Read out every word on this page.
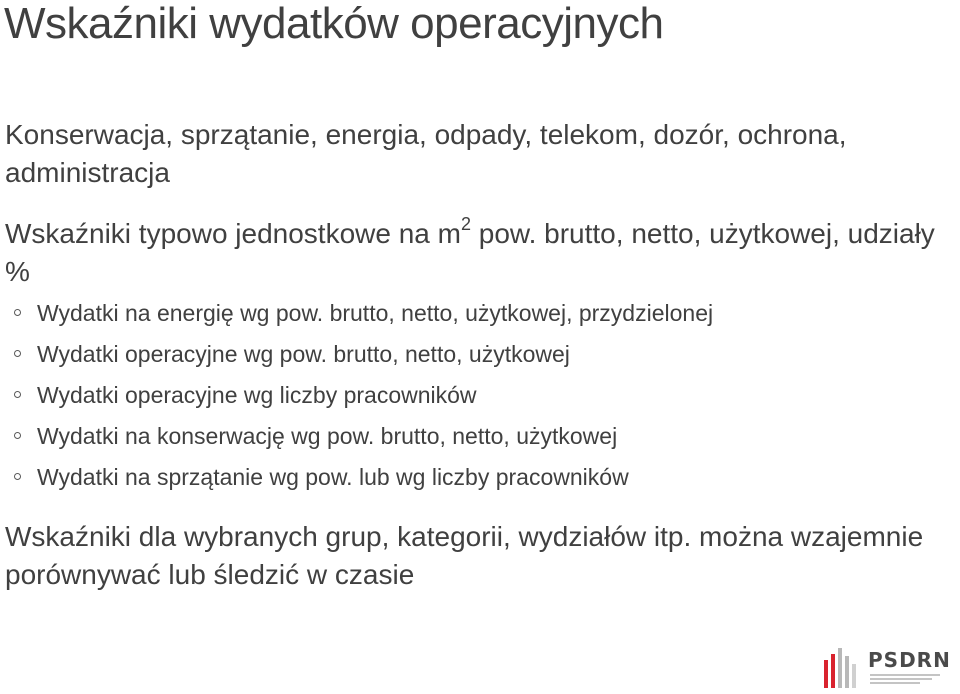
Wskaźniki wydatków operacyjnych

Konserwacja, sprzątanie, energia, odpady, telekom, dozór, ochrona, administracja

Wskaźniki typowo jednostkowe na $m^2$ pow. brutto, netto, użytkowej, udziały %

Wydatki na energię wg pow. brutto, netto, użytkowej, przydzielonej
Wydatki operacyjne wg pow. brutto, netto, użytkowej
Wydatki operacyjne wg liczby pracowników
Wydatki na konserwację wg pow. brutto, netto, użytkowej
Wydatki na sprzątanie wg pow. lub wg liczby pracowników

Wskaźniki dla wybranych grup, kategorii, wydziałów itp. można wzajemnie porównywać lub śledzić w czasie

PSDRN
